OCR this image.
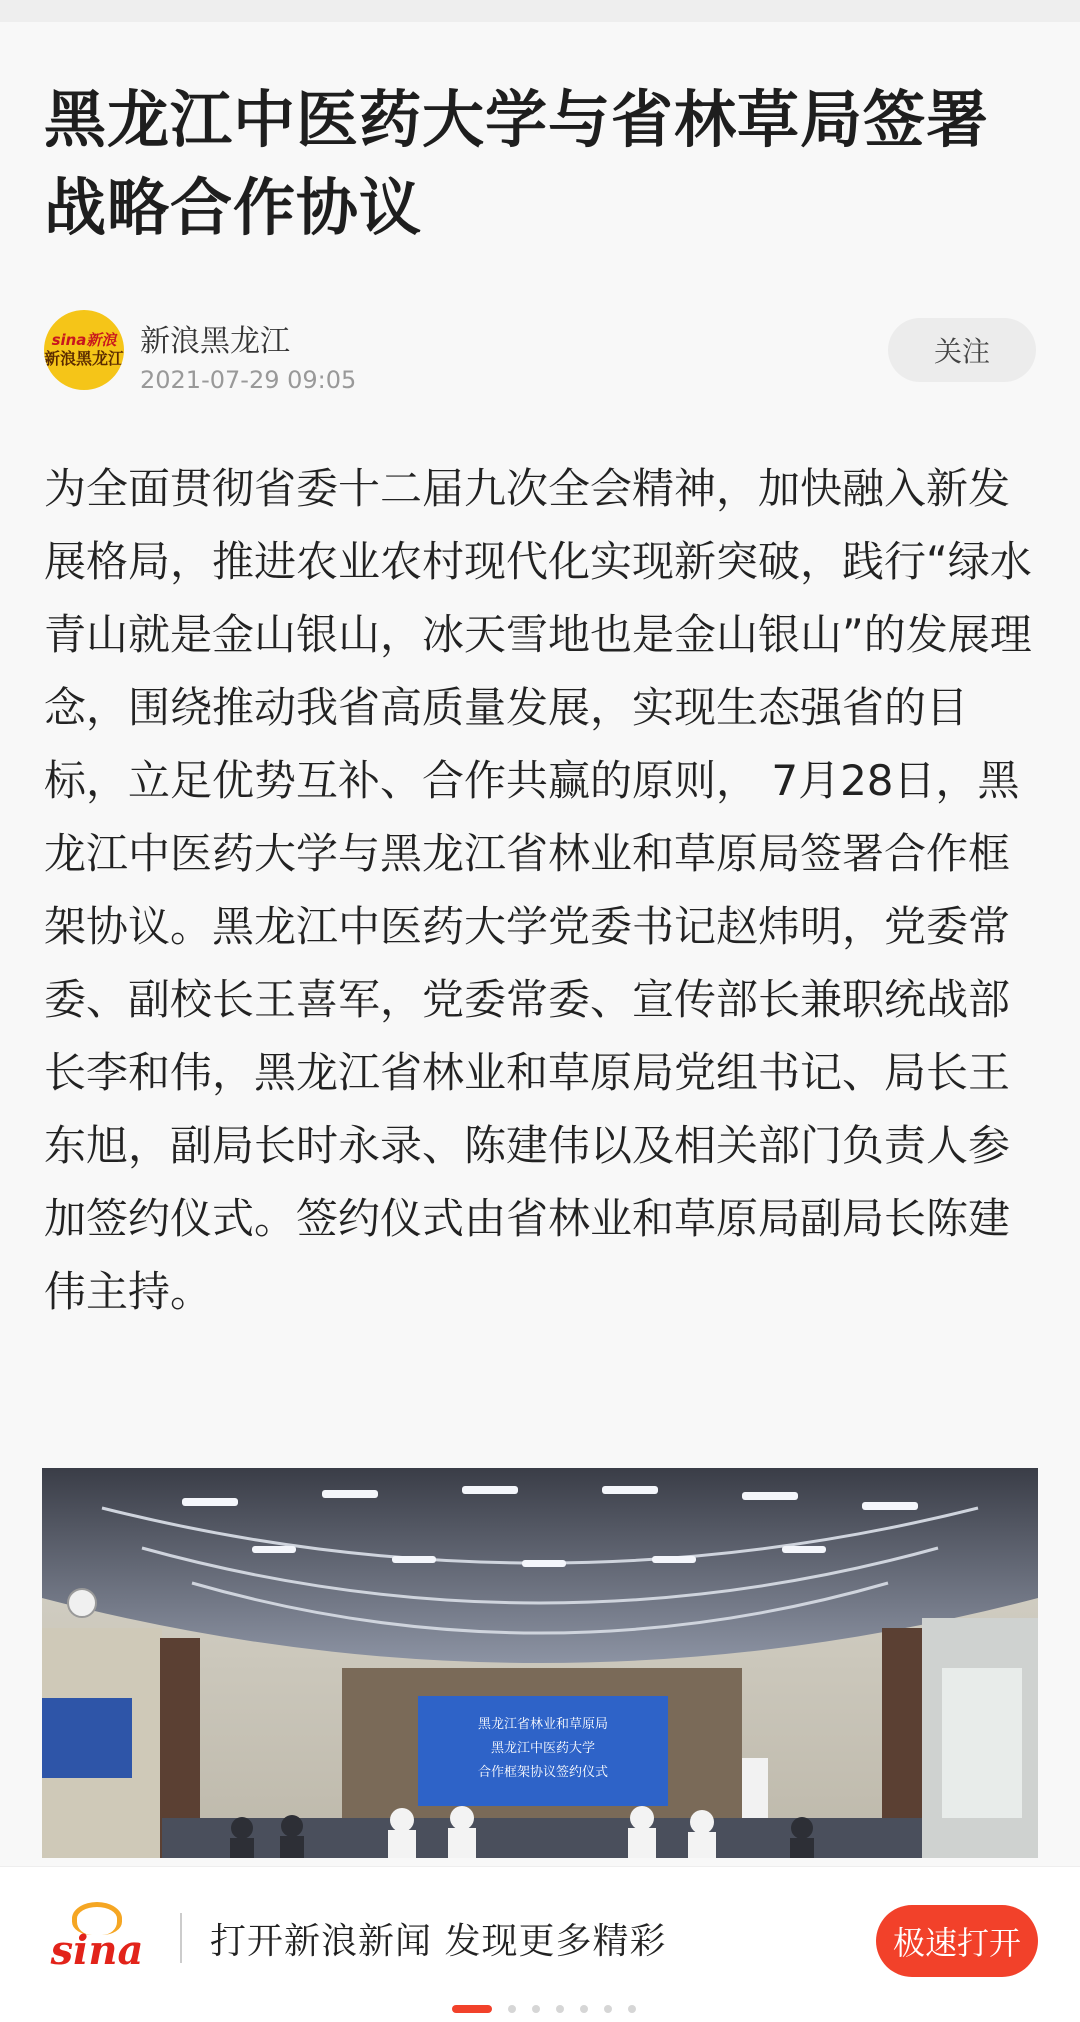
黑龙江中医药大学与省林草局签署战略合作协议
sina新浪
新浪黑龙江 新浪黑龙江
2021-07-29 09:05
关注

为全面贯彻省委十二届九次全会精神，加快融入新发展格局，推进农业农村现代化实现新突破，践行“绿水青山就是金山银山，冰天雪地也是金山银山”的发展理念，围绕推动我省高质量发展，实现生态强省的目标，立足优势互补、合作共赢的原则， 7月28日，黑龙江中医药大学与黑龙江省林业和草原局签署合作框架协议。黑龙江中医药大学党委书记赵炜明，党委常委、副校长王喜军，党委常委、宣传部长兼职统战部长李和伟，黑龙江省林业和草原局党组书记、局长王东旭，副局长时永录、陈建伟以及相关部门负责人参加签约仪式。签约仪式由省林业和草原局副局长陈建伟主持。

黑龙江省林业和草原局
黑龙江中医药大学
合作框架协议签约仪式
sina 打开新浪新闻 发现更多精彩	极速打开
